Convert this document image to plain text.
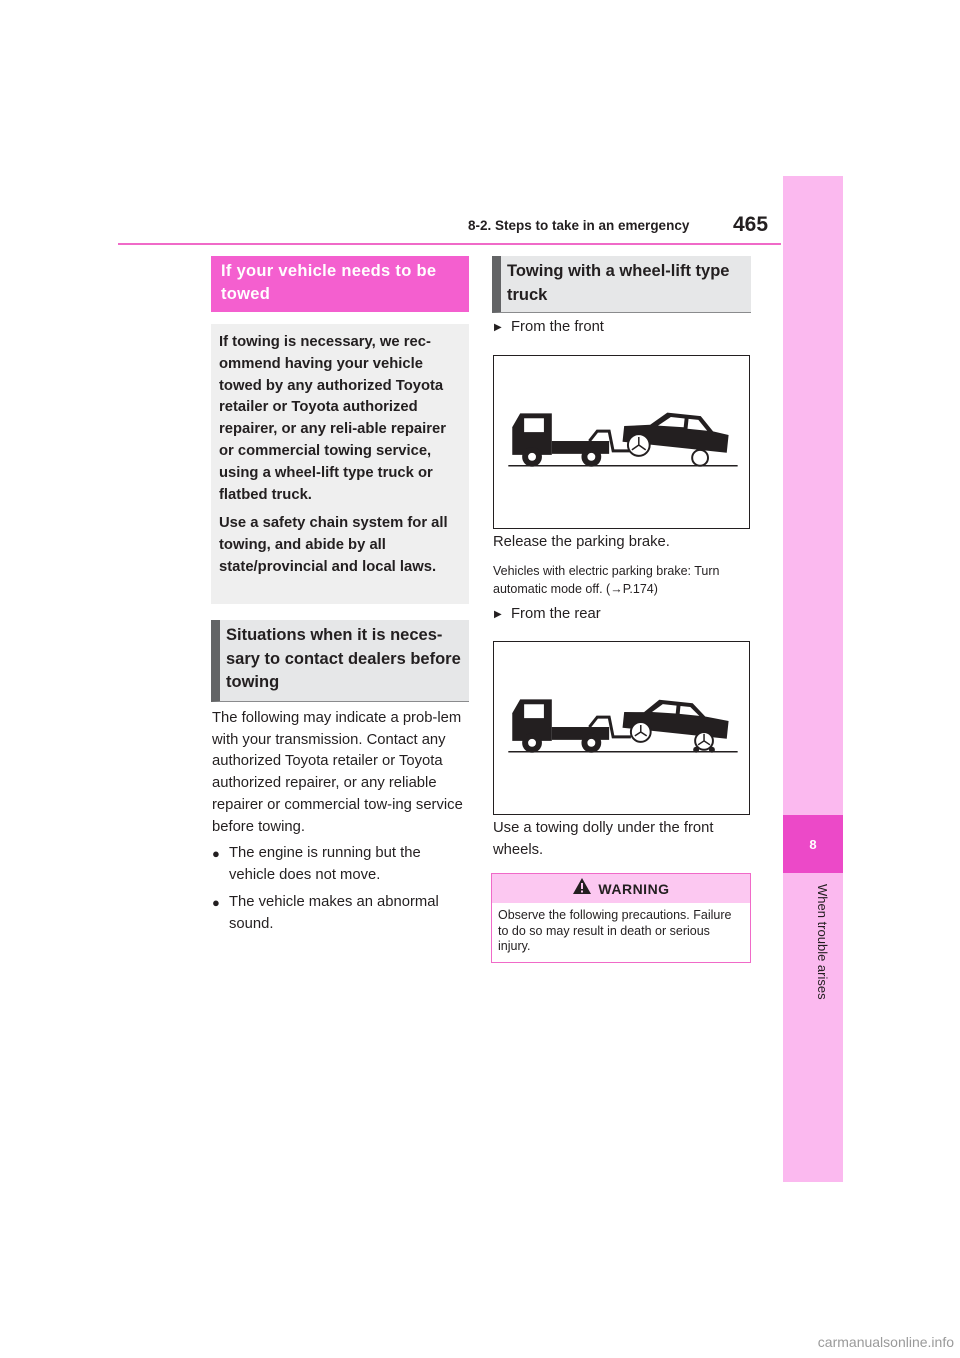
8-2. Steps to take in an emergency 465
8
When trouble arises
If your vehicle needs to be towed

If towing is necessary, we rec-ommend having your vehicle towed by any authorized Toyota retailer or Toyota authorized repairer, or any reli-able repairer or commercial towing service, using a wheel-lift type truck or flatbed truck.

Use a safety chain system for all towing, and abide by all state/provincial and local laws.

Situations when it is neces-sary to contact dealers before towing
The following may indicate a prob-lem with your transmission. Contact any authorized Toyota retailer or Toyota authorized repairer, or any reliable repairer or commercial tow-ing service before towing.
● The engine is running but the vehicle does not move.
● The vehicle makes an abnormal sound.
Towing with a wheel-lift type truck
▶ From the front
Release the parking brake.
Vehicles with electric parking brake: Turn automatic mode off. (→P.174)
▶ From the rear
Use a towing dolly under the front wheels.
WARNING
Observe the following precautions. Failure to do so may result in death or serious injury.
carmanualsonline.info
